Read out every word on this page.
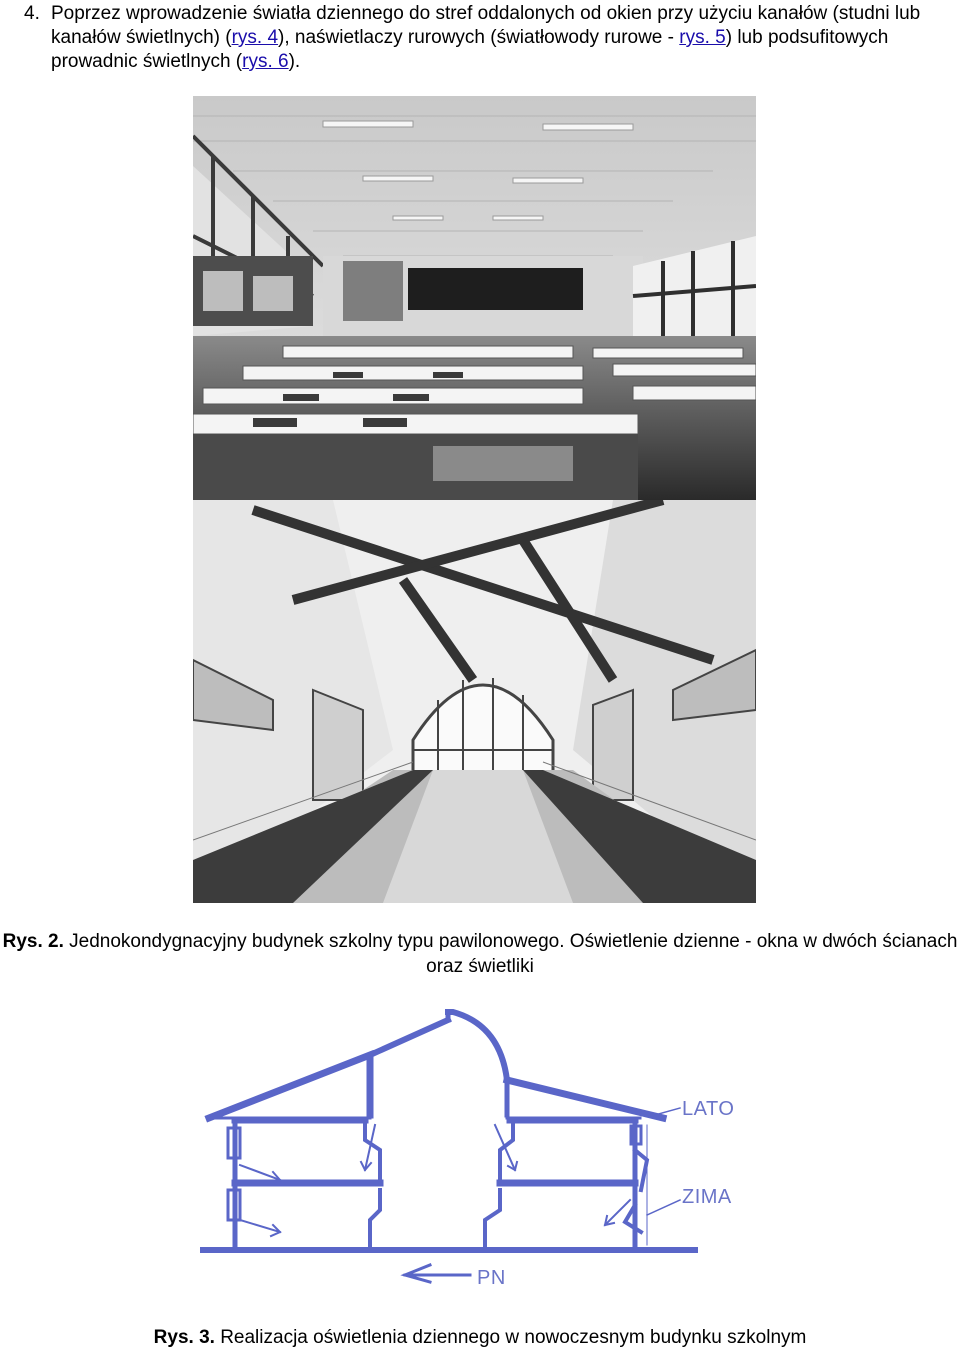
4. Poprzez wprowadzenie światła dziennego do stref oddalonych od okien przy użyciu kanałów (studni lub kanałów świetlnych) (rys. 4), naświetlaczy rurowych (światłowody rurowe - rys. 5) lub podsufitowych prowadnic świetlnych (rys. 6).
Rys. 2. Jednokondygnacyjny budynek szkolny typu pawilonowego. Oświetlenie dzienne - okna w dwóch ścianach oraz świetliki
LATO
ZIMA
PN
Rys. 3. Realizacja oświetlenia dziennego w nowoczesnym budynku szkolnym
